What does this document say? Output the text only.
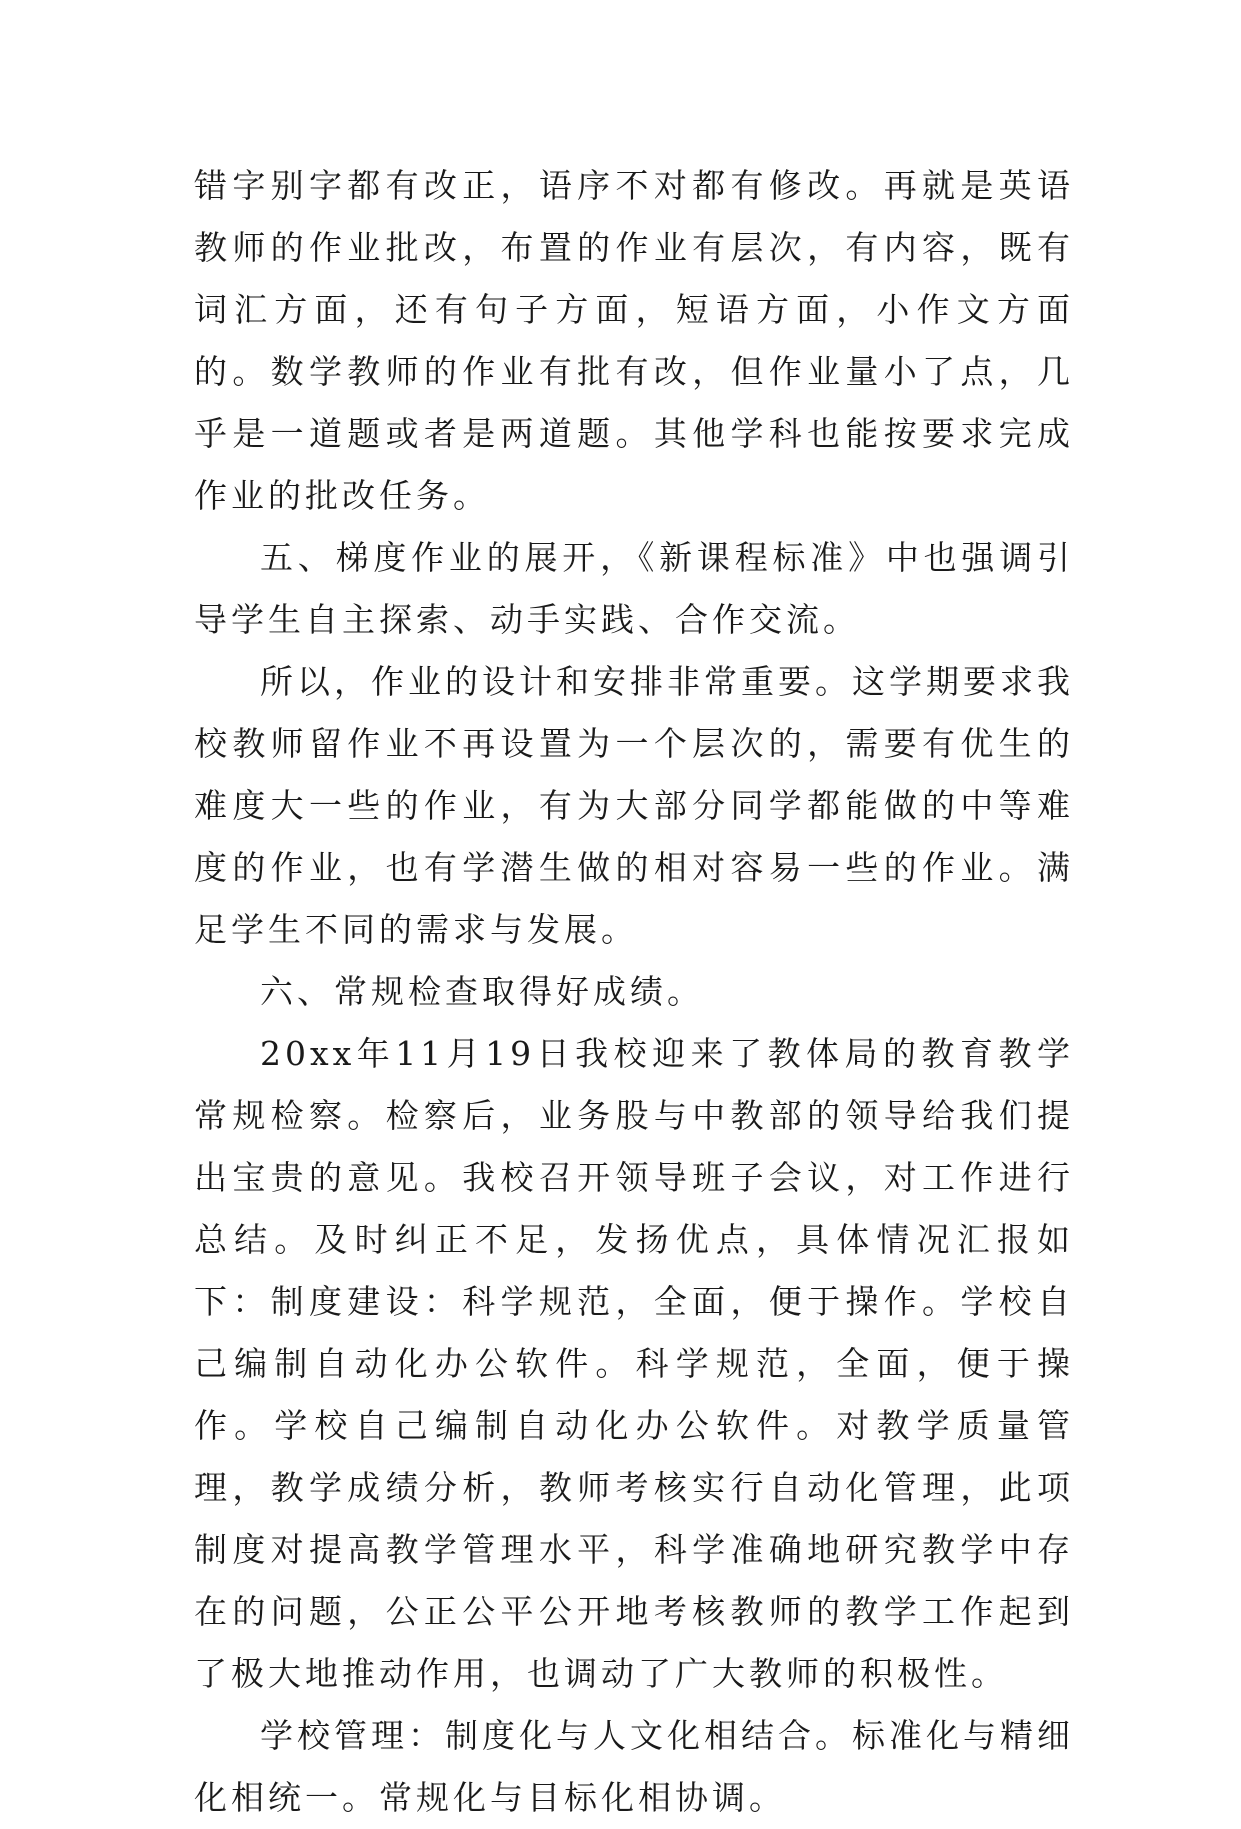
错字别字都有改正，语序不对都有修改。再就是英语教师的作业批改，布置的作业有层次，有内容，既有词汇方面，还有句子方面，短语方面，小作文方面的。数学教师的作业有批有改，但作业量小了点，几乎是一道题或者是两道题。其他学科也能按要求完成作业的批改任务。

五、梯度作业的展开，《新课程标准》中也强调引导学生自主探索、动手实践、合作交流。

所以，作业的设计和安排非常重要。这学期要求我校教师留作业不再设置为一个层次的，需要有优生的难度大一些的作业，有为大部分同学都能做的中等难度的作业，也有学潜生做的相对容易一些的作业。满足学生不同的需求与发展。

六、常规检查取得好成绩。

20xx年11月19日我校迎来了教体局的教育教学常规检察。检察后，业务股与中教部的领导给我们提出宝贵的意见。我校召开领导班子会议，对工作进行总结。及时纠正不足，发扬优点，具体情况汇报如下：制度建设：科学规范，全面，便于操作。学校自己编制自动化办公软件。科学规范，全面，便于操作。学校自己编制自动化办公软件。对教学质量管理，教学成绩分析，教师考核实行自动化管理，此项制度对提高教学管理水平，科学准确地研究教学中存在的问题，公正公平公开地考核教师的教学工作起到了极大地推动作用，也调动了广大教师的积极性。

学校管理：制度化与人文化相结合。标准化与精细化相统一。常规化与目标化相协调。
